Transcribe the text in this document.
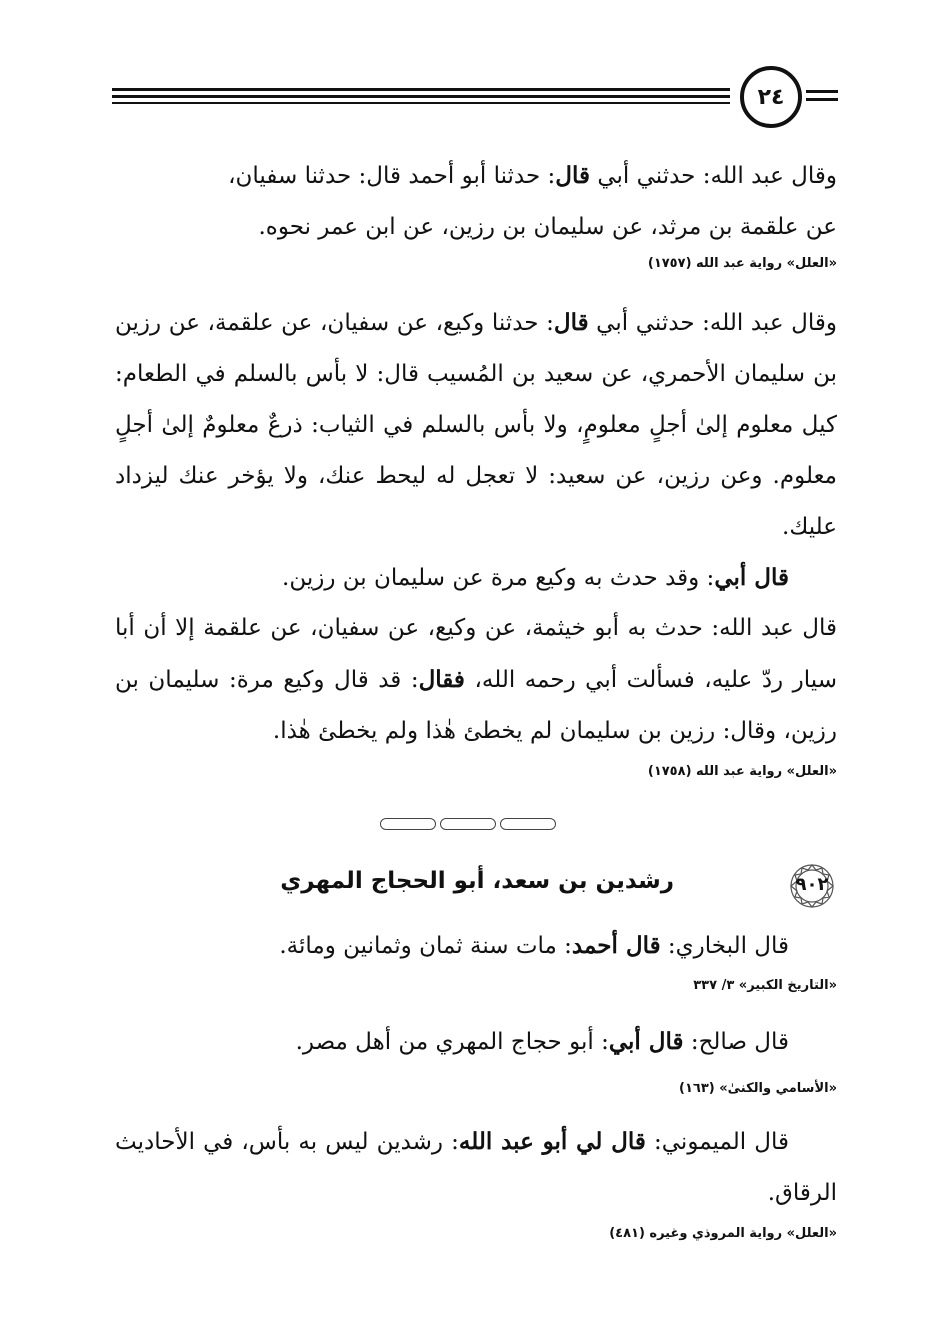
٢٤

وقال عبد الله: حدثني أبي قال: حدثنا أبو أحمد قال: حدثنا سفيان،
عن علقمة بن مرثد، عن سليمان بن رزين، عن ابن عمر نحوه.

«العلل» رواية عبد الله (١٧٥٧)

وقال عبد الله: حدثني أبي قال: حدثنا وكيع، عن سفيان، عن علقمة، عن رزين بن سليمان الأحمري، عن سعيد بن المُسيب قال: لا بأس بالسلم في الطعام: كيل معلوم إلىٰ أجلٍ معلومٍ، ولا بأس بالسلم في الثياب: ذرعٌ معلومٌ إلىٰ أجلٍ معلوم. وعن رزين، عن سعيد: لا تعجل له ليحط عنك، ولا يؤخر عنك ليزداد عليك.

قال أبي: وقد حدث به وكيع مرة عن سليمان بن رزين.

قال عبد الله: حدث به أبو خيثمة، عن وكيع، عن سفيان، عن علقمة إلا أن أبا سيار ردّ عليه، فسألت أبي رحمه الله، فقال: قد قال وكيع مرة: سليمان بن رزين، وقال: رزين بن سليمان لم يخطئ هٰذا ولم يخطئ هٰذا.

«العلل» رواية عبد الله (١٧٥٨)

٩٠٢
رشدين بن سعد، أبو الحجاج المهري

قال البخاري: قال أحمد: مات سنة ثمان وثمانين ومائة.

«التاريخ الكبير» ٣/ ٣٣٧

قال صالح: قال أبي: أبو حجاج المهري من أهل مصر.

«الأسامي والكنىٰ» (١٦٣)

قال الميموني: قال لي أبو عبد الله: رشدين ليس به بأس، في الأحاديث الرقاق.

«العلل» رواية المروذي وغيره (٤٨١)
